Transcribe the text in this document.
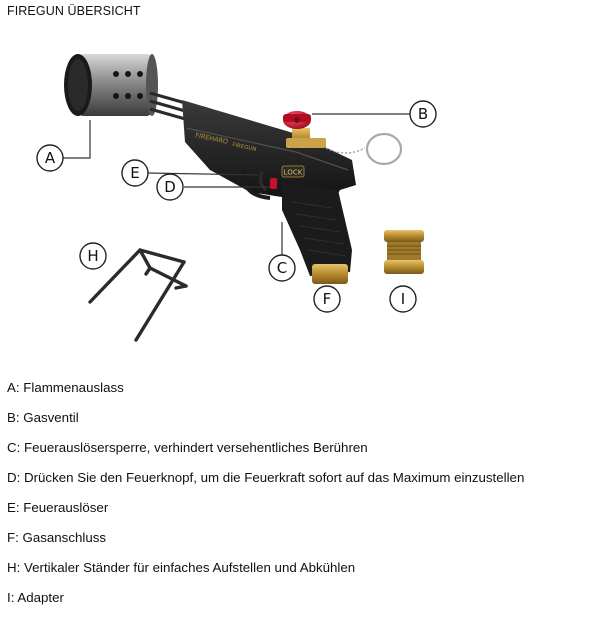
FIREGUN ÜBERSICHT
LOCK
FIREHARO
FIREGUN
A
B
C
D
E
F
H
I
A: Flammenauslass
B: Gasventil
C: Feuerauslösersperre, verhindert versehentliches Berühren
D: Drücken Sie den Feuerknopf, um die Feuerkraft sofort auf das Maximum einzustellen
E: Feuerauslöser
F: Gasanschluss
H: Vertikaler Ständer für einfaches Aufstellen und Abkühlen
I: Adapter
